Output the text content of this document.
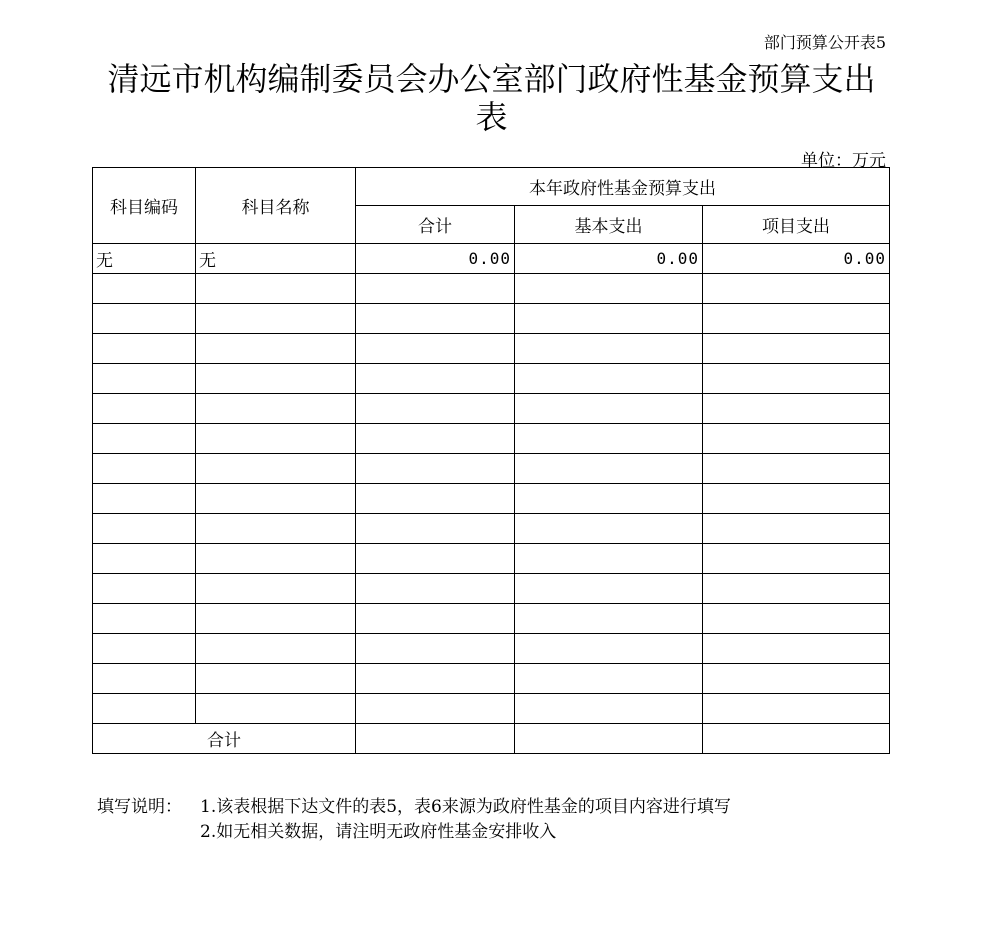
部门预算公开表5
清远市机构编制委员会办公室部门政府性基金预算支出表
单位：万元
科目编码	科目名称	本年政府性基金预算支出		
		合计	基本支出	项目支出
无	无	0.00	0.00	0.00

合计				
填写说明：	1.该表根据下达文件的表5，表6来源为政府性基金的项目内容进行填写
2.如无相关数据，请注明无政府性基金安排收入
